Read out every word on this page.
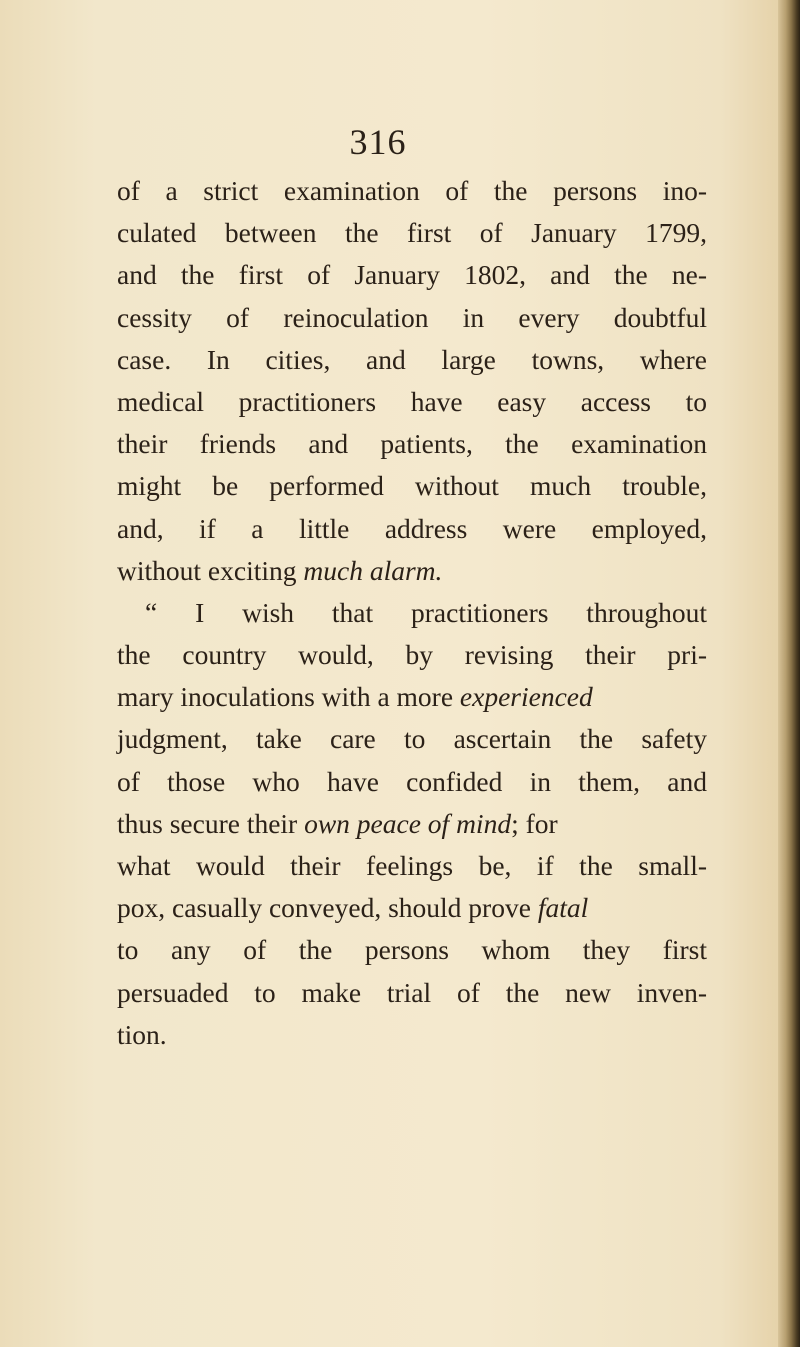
316
of a strict examination of the persons ino-
culated between the first of January 1799,
and the first of January 1802, and the ne-
cessity of reinoculation in every doubtful
case. In cities, and large towns, where
medical practitioners have easy access to
their friends and patients, the examination
might be performed without much trouble,
and, if a little address were employed,
without exciting much alarm.
“ I wish that practitioners throughout
the country would, by revising their pri-
mary inoculations with a more experienced
judgment, take care to ascertain the safety
of those who have confided in them, and
thus secure their own peace of mind; for
what would their feelings be, if the small-
pox, casually conveyed, should prove fatal
to any of the persons whom they first
persuaded to make trial of the new inven-
tion.
